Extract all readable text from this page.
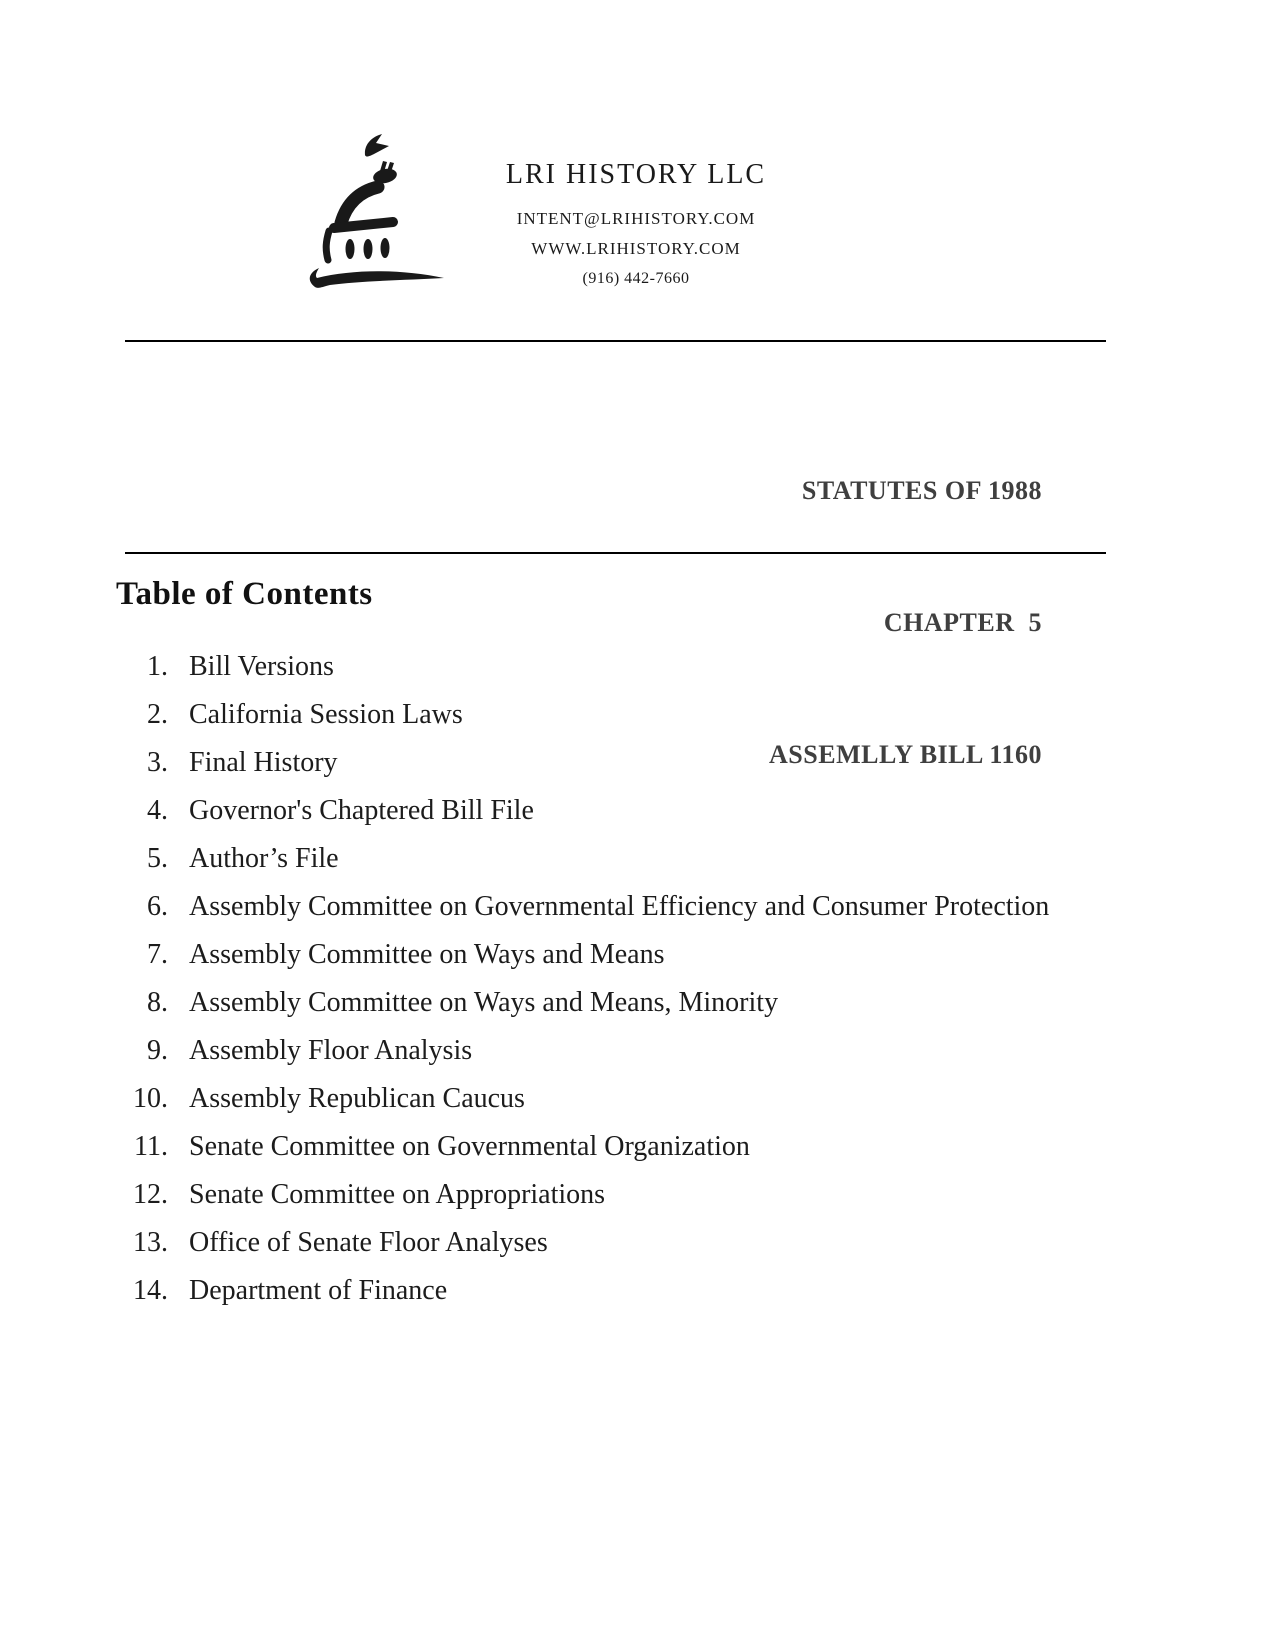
LRI HISTORY LLC
INTENT@LRIHISTORY.COM
WWW.LRIHISTORY.COM
(916) 442-7660

STATUTES OF 1988

CHAPTER  5

ASSEMLLY BILL 1160

Table of Contents
1. Bill Versions
2. California Session Laws
3. Final History
4. Governor's Chaptered Bill File
5. Author’s File
6. Assembly Committee on Governmental Efficiency and Consumer Protection
7. Assembly Committee on Ways and Means
8. Assembly Committee on Ways and Means, Minority
9. Assembly Floor Analysis
10. Assembly Republican Caucus
11. Senate Committee on Governmental Organization
12. Senate Committee on Appropriations
13. Office of Senate Floor Analyses
14. Department of Finance
